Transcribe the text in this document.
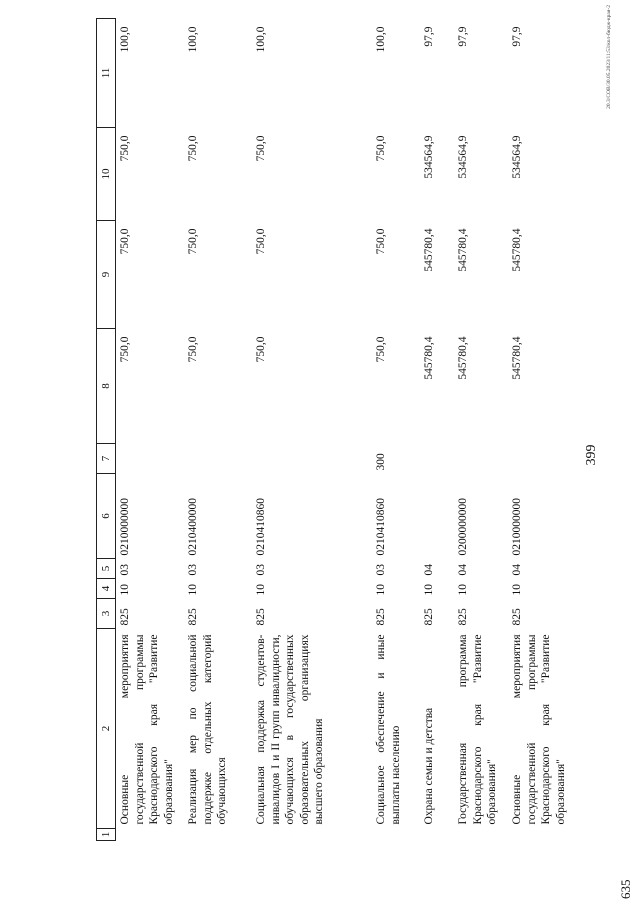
399
20.3/СОВ/30.05.2023/11:53/кол-бюдж-края-2
635
1	2	3	4	5	6	7	8	9	10	11
	Основные мероприятия государственной программы Краснодарского края "Развитие образования"	825	10	03	0210000000		750,0	750,0	750,0	100,0
	Реализация мер по социальной поддержке отдельных категорий обучающихся	825	10	03	0210400000		750,0	750,0	750,0	100,0
	Социальная поддержка студентов-инвалидов I и II групп инвалидности, обучающихся в государственных образовательных организациях высшего образования	825	10	03	0210410860		750,0	750,0	750,0	100,0
	Социальное обеспечение и иные выплаты населению	825	10	03	0210410860	300	750,0	750,0	750,0	100,0
	Охрана семьи и детства	825	10	04			545780,4	545780,4	534564,9	97,9
	Государственная программа Краснодарского края "Развитие образования"	825	10	04	0200000000		545780,4	545780,4	534564,9	97,9
	Основные мероприятия государственной программы Краснодарского края "Развитие образования"	825	10	04	0210000000		545780,4	545780,4	534564,9	97,9
